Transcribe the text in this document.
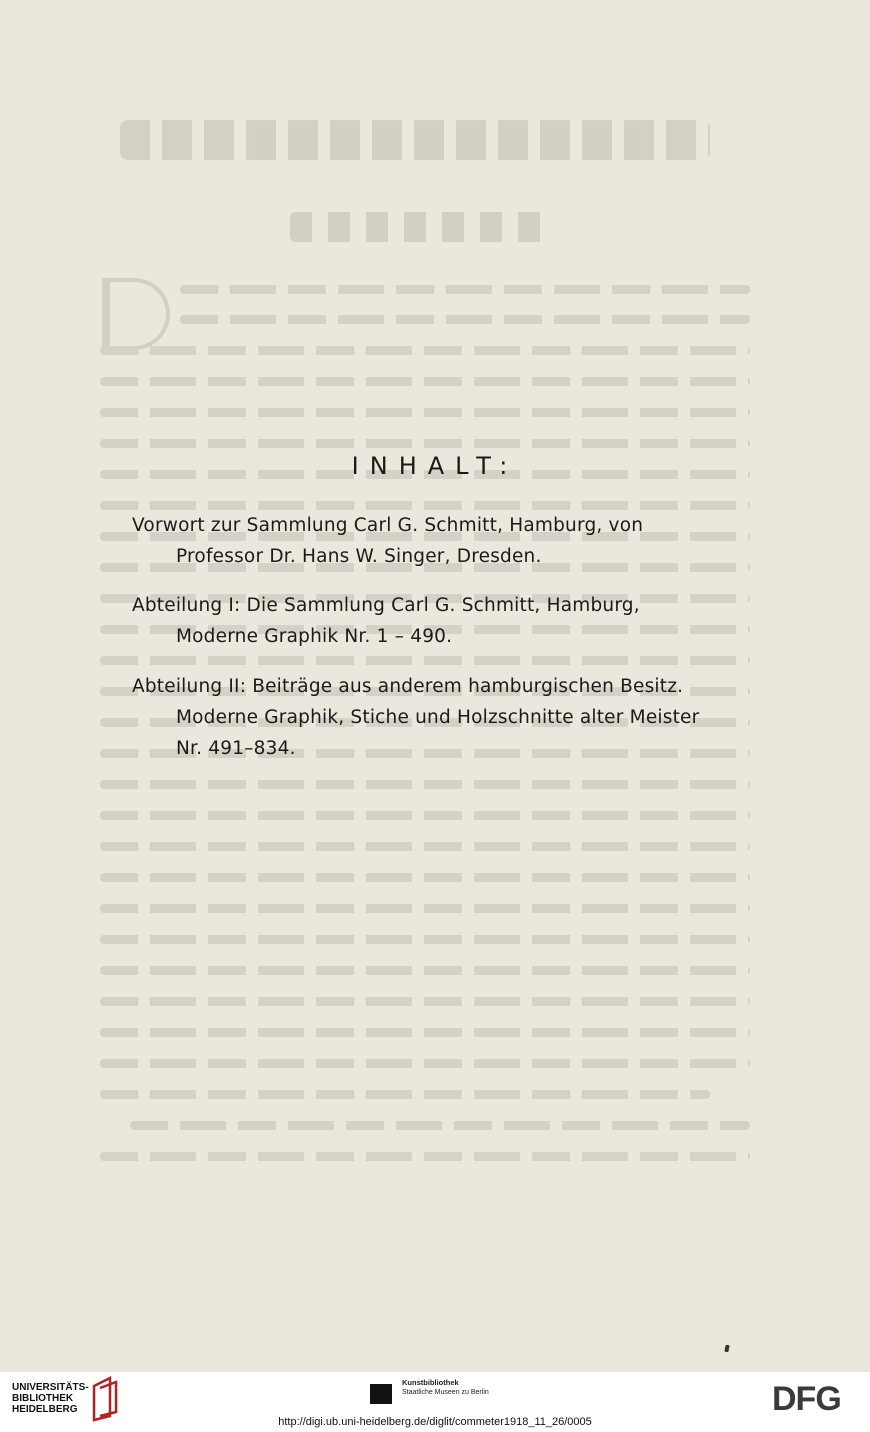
INHALT:
Vorwort zur Sammlung Carl G. Schmitt, Hamburg, von
Professor Dr. Hans W. Singer, Dresden.
Abteilung I: Die Sammlung Carl G. Schmitt, Hamburg,
Moderne Graphik Nr. 1 – 490.
Abteilung II: Beiträge aus anderem hamburgischen Besitz.
Moderne Graphik, Stiche und Holzschnitte alter Meister
Nr. 491–834.
UNIVERSITÄTS-
BIBLIOTHEK
HEIDELBERG
Kunstbibliothek
Staatliche Museen zu Berlin	DFG
http://digi.ub.uni-heidelberg.de/diglit/commeter1918_11_26/0005
